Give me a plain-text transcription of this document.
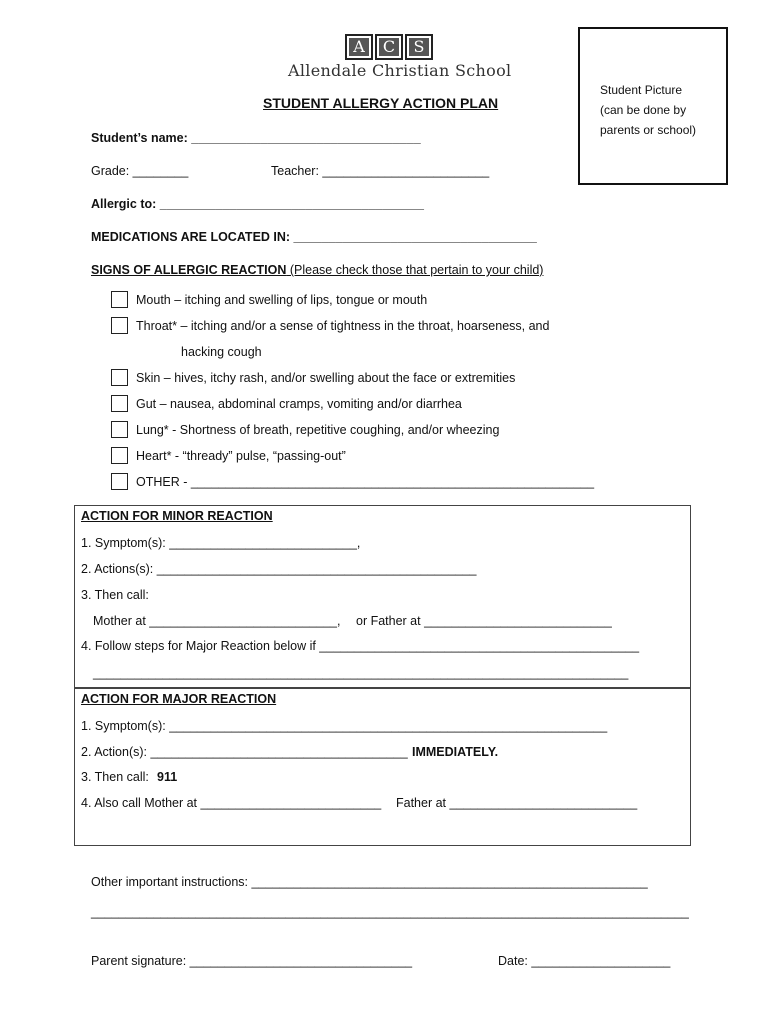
A	C	S
Allendale Christian School
STUDENT ALLERGY ACTION PLAN
Student Picture
(can be done by
parents or school)
Student’s name: _________________________________
Grade: ________	Teacher: ________________________
Allergic to: ______________________________________
MEDICATIONS ARE LOCATED IN: ___________________________________
SIGNS OF ALLERGIC REACTION (Please check those that pertain to your child)
Mouth – itching and swelling of lips, tongue or mouth
Throat* – itching and/or a sense of tightness in the throat, hoarseness, and
hacking cough
Skin – hives, itchy rash, and/or swelling about the face or extremities
Gut – nausea, abdominal cramps, vomiting and/or diarrhea
Lung* - Shortness of breath, repetitive coughing, and/or wheezing
Heart* - “thready” pulse, “passing-out”
OTHER - __________________________________________________________
ACTION FOR MINOR REACTION
1. Symptom(s): ___________________________,
2. Actions(s): ______________________________________________
3. Then call:
Mother at ___________________________, or Father at ___________________________
4. Follow steps for Major Reaction below if ______________________________________________
_____________________________________________________________________________
ACTION FOR MAJOR REACTION
1. Symptom(s): _______________________________________________________________
2. Action(s): _____________________________________ IMMEDIATELY.
3. Then call: 911
4. Also call Mother at __________________________ Father at ___________________________
Other important instructions: _________________________________________________________
______________________________________________________________________________________
Parent signature: ________________________________	Date: ____________________
